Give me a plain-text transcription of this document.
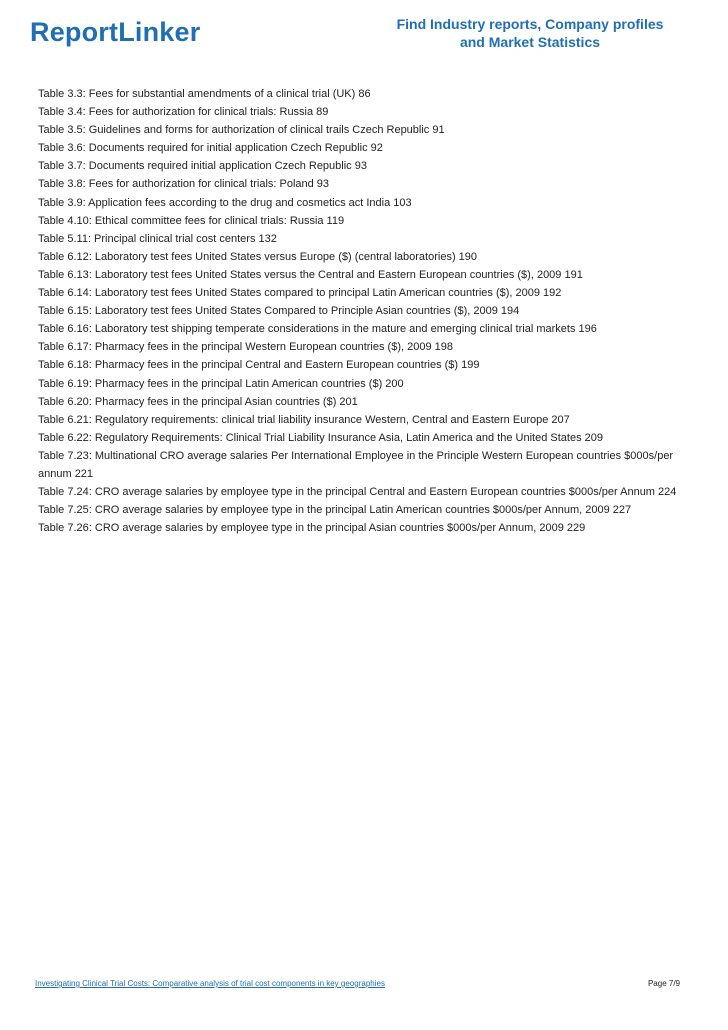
ReportLinker	Find Industry reports, Company profiles
and Market Statistics
Table 3.3: Fees for substantial amendments of a clinical trial (UK) 86
Table 3.4: Fees for authorization for clinical trials: Russia 89
Table 3.5: Guidelines and forms for authorization of clinical trails Czech Republic 91
Table 3.6: Documents required for initial application Czech Republic 92
Table 3.7: Documents required initial application Czech Republic 93
Table 3.8: Fees for authorization for clinical trials: Poland 93
Table 3.9: Application fees according to the drug and cosmetics act India 103
Table 4.10: Ethical committee fees for clinical trials: Russia 119
Table 5.11: Principal clinical trial cost centers 132
Table 6.12: Laboratory test fees United States versus Europe ($) (central laboratories) 190
Table 6.13: Laboratory test fees United States versus the Central and Eastern European countries ($), 2009 191
Table 6.14: Laboratory test fees United States compared to principal Latin American countries ($), 2009 192
Table 6.15: Laboratory test fees United States Compared to Principle Asian countries ($), 2009 194
Table 6.16: Laboratory test shipping temperate considerations in the mature and emerging clinical trial markets 196
Table 6.17: Pharmacy fees in the principal Western European countries ($), 2009 198
Table 6.18: Pharmacy fees in the principal Central and Eastern European countries ($) 199
Table 6.19: Pharmacy fees in the principal Latin American countries ($) 200
Table 6.20: Pharmacy fees in the principal Asian countries ($) 201
Table 6.21: Regulatory requirements: clinical trial liability insurance Western, Central and Eastern Europe 207
Table 6.22: Regulatory Requirements: Clinical Trial Liability Insurance Asia, Latin America and the United States 209
Table 7.23: Multinational CRO average salaries Per International Employee in the Principle Western European countries $000s/per annum 221
Table 7.24: CRO average salaries by employee type in the principal Central and Eastern European countries $000s/per Annum 224
Table 7.25: CRO average salaries by employee type in the principal Latin American countries $000s/per Annum, 2009 227
Table 7.26: CRO average salaries by employee type in the principal Asian countries $000s/per Annum, 2009 229
Investigating Clinical Trial Costs: Comparative analysis of trial cost components in key geographies	Page 7/9
